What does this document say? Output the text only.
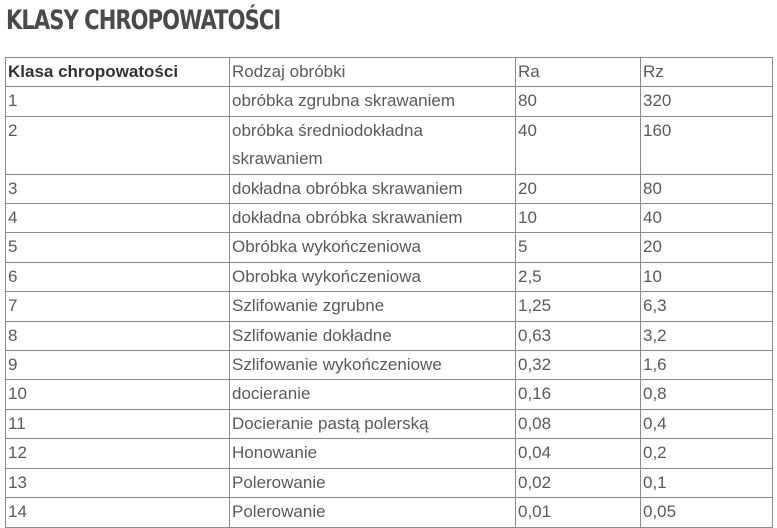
KLASY CHROPOWATOŚCI
Klasa chropowatości	Rodzaj obróbki	Ra	Rz
1	obróbka zgrubna skrawaniem	80	320
2	obróbka średniodokładna skrawaniem	40	160
3	dokładna obróbka skrawaniem	20	80
4	dokładna obróbka skrawaniem	10	40
5	Obróbka wykończeniowa	5	20
6	Obrobka wykończeniowa	2,5	10
7	Szlifowanie zgrubne	1,25	6,3
8	Szlifowanie dokładne	0,63	3,2
9	Szlifowanie wykończeniowe	0,32	1,6
10	docieranie	0,16	0,8
11	Docieranie pastą polerską	0,08	0,4
12	Honowanie	0,04	0,2
13	Polerowanie	0,02	0,1
14	Polerowanie	0,01	0,05
